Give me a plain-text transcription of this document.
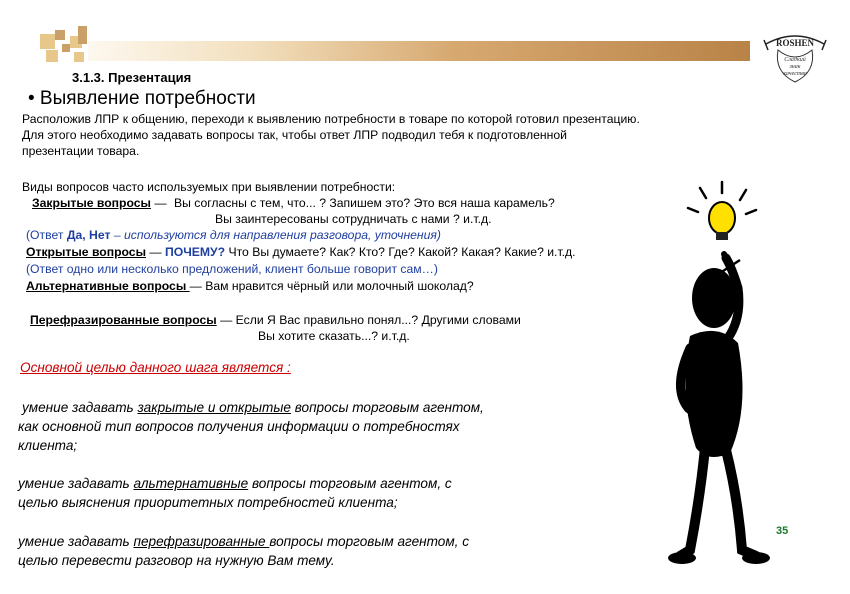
ROSHEN
Сладкий
знак
качества
3.1.3. Презентация
• Выявление потребности
Расположив ЛПР к общению, переходи к выявлению потребности в товаре по которой готовил презентацию.
Для этого необходимо задавать вопросы так, чтобы ответ ЛПР подводил тебя к подготовленной
презентации товара.
Виды вопросов часто используемых при выявлении потребности:
Закрытые вопросы — Вы согласны с тем, что... ? Запишем это? Это вся наша карамель?
Вы заинтересованы сотрудничать с нами ? и.т.д.
(Ответ Да, Нет – используются для направления разговора, уточнения)
Открытые вопросы — ПОЧЕМУ? Что Вы думаете? Как? Кто? Где? Какой? Какая? Какие? и.т.д.
(Ответ одно или несколько предложений, клиент больше говорит сам…)
Альтернативные вопросы — Вам нравится чёрный или молочный шоколад?
Перефразированные вопросы — Если Я Вас правильно понял...? Другими словами
Вы хотите сказать...? и.т.д.
Основной целью данного шага является :
умение задавать закрытые и открытые вопросы торговым агентом,
как основной тип вопросов получения информации о потребностях
клиента;
умение задавать альтернативные вопросы торговым агентом, с
целью выяснения приоритетных потребностей клиента;
умение задавать перефразированные вопросы торговым агентом, с
целью перевести разговор на нужную Вам тему.
35
